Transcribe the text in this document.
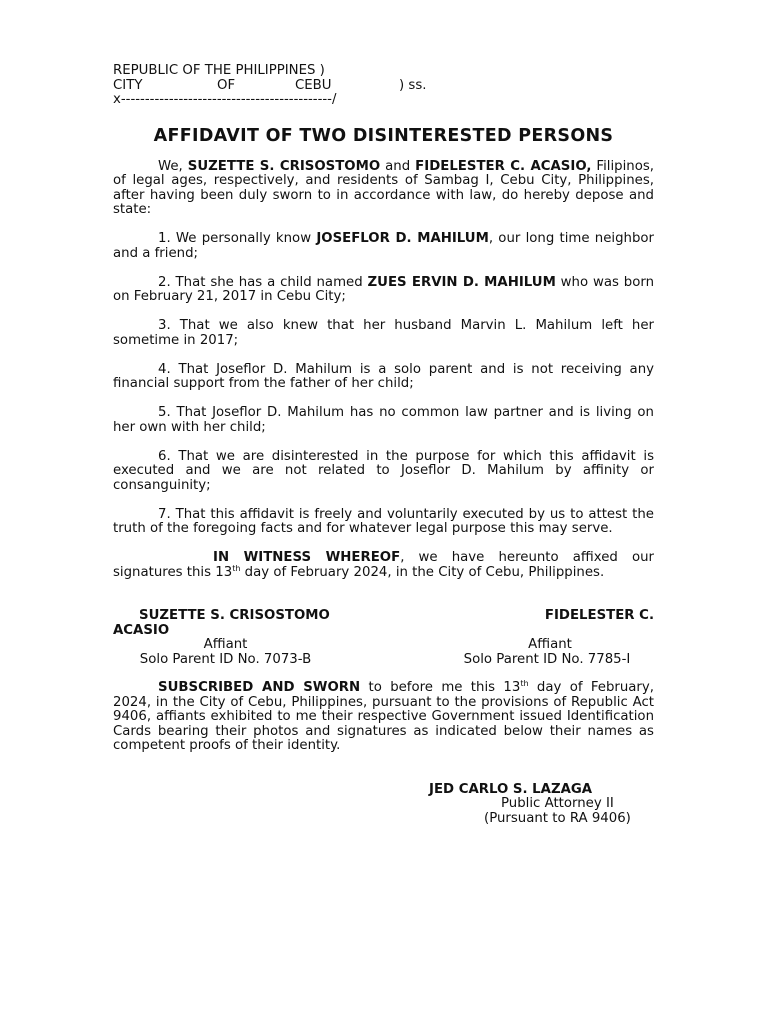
REPUBLIC OF THE PHILIPPINES )
CITY	OF	CEBU	) ss.
x--------------------------------------------/
AFFIDAVIT OF TWO DISINTERESTED PERSONS

We, SUZETTE S. CRISOSTOMO and FIDELESTER C. ACASIO, Filipinos, of legal ages, respectively, and residents of Sambag I, Cebu City, Philippines, after having been duly sworn to in accordance with law, do hereby depose and state:

1. We personally know JOSEFLOR D. MAHILUM, our long time neighbor and a friend;

2. That she has a child named ZUES ERVIN D. MAHILUM who was born on February 21, 2017 in Cebu City;

3. That we also knew that her husband Marvin L. Mahilum left her sometime in 2017;

4. That Joseflor D. Mahilum is a solo parent and is not receiving any financial support from the father of her child;

5. That Joseflor D. Mahilum has no common law partner and is living on her own with her child;

6. That we are disinterested in the purpose for which this affidavit is executed and we are not related to Joseflor D. Mahilum by affinity or consanguinity;

7. That this affidavit is freely and voluntarily executed by us to attest the truth of the foregoing facts and for whatever legal purpose this may serve.

IN WITNESS WHEREOF, we have hereunto affixed our signatures this 13th day of February 2024, in the City of Cebu, Philippines.

SUZETTE S. CRISOSTOMO	FIDELESTER C.
ACASIO
Affiant	Affiant
Solo Parent ID No. 7073-B	Solo Parent ID No. 7785-I

SUBSCRIBED AND SWORN to before me this 13th day of February, 2024, in the City of Cebu, Philippines, pursuant to the provisions of Republic Act 9406, affiants exhibited to me their respective Government issued Identification Cards bearing their photos and signatures as indicated below their names as competent proofs of their identity.

JED CARLO S. LAZAGA
Public Attorney II
(Pursuant to RA 9406)
